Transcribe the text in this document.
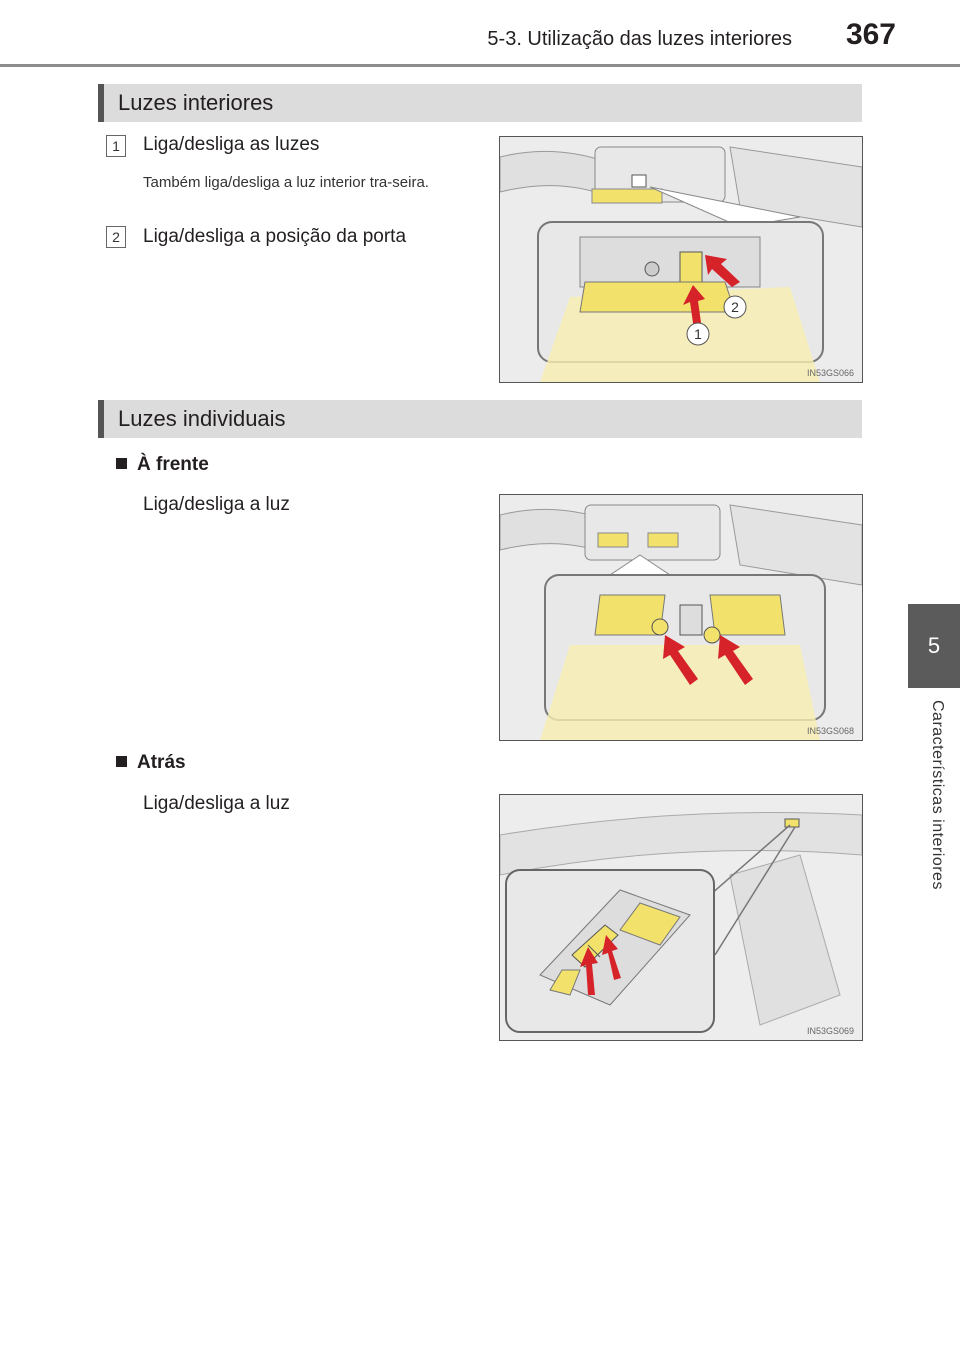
5-3. Utilização das luzes interiores 367
5
Características interiores
Luzes interiores
1	Liga/desliga as luzes
Também liga/desliga a luz interior tra-seira.
2	Liga/desliga a posição da porta
2
1
IN53GS066
Luzes individuais
À frente
Liga/desliga a luz
IN53GS068
Atrás
Liga/desliga a luz
IN53GS069
